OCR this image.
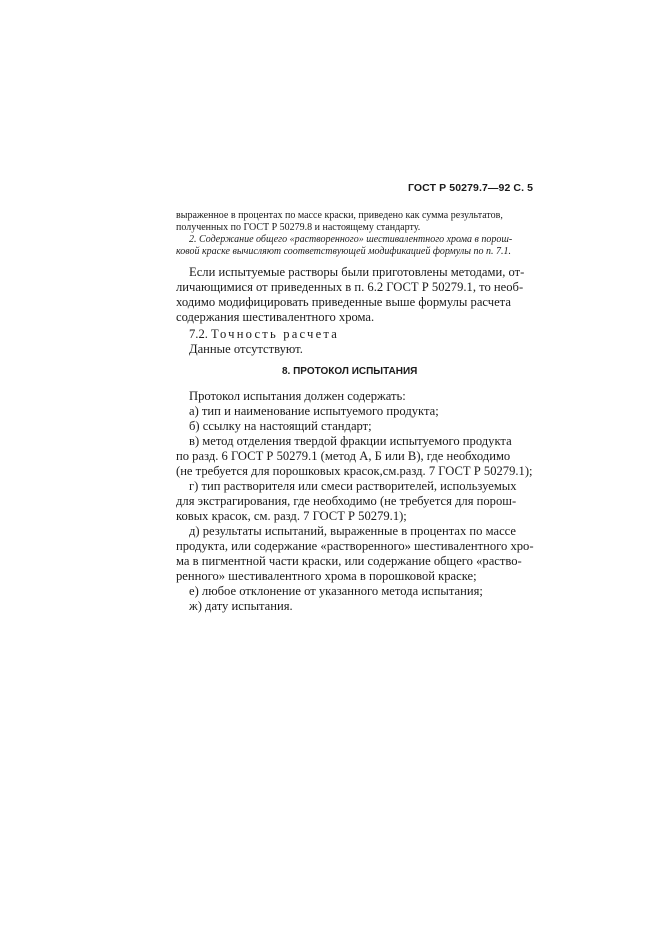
ГОСТ Р 50279.7—92 С. 5
выраженное в процентах по массе краски, приведено как сумма результатов,
полученных по ГОСТ Р 50279.8 и настоящему стандарту.
2. Содержание общего «растворенного» шестивалентного хрома в порош-
ковой краске вычисляют соответствующей модификацией формулы по п. 7.1.
Если испытуемые растворы были приготовлены методами, от-
личающимися от приведенных в п. 6.2 ГОСТ Р 50279.1, то необ-
ходимо модифицировать приведенные выше формулы расчета
содержания шестивалентного хрома.
7.2. Точность расчета
Данные отсутствуют.
8. ПРОТОКОЛ ИСПЫТАНИЯ
Протокол испытания должен содержать:
а) тип и наименование испытуемого продукта;
б) ссылку на настоящий стандарт;
в) метод отделения твердой фракции испытуемого продукта
по разд. 6 ГОСТ Р 50279.1 (метод А, Б или В), где необходимо
(не требуется для порошковых красок,см.разд. 7 ГОСТ Р 50279.1);
г) тип растворителя или смеси растворителей, используемых
для экстрагирования, где необходимо (не требуется для порош-
ковых красок, см. разд. 7 ГОСТ Р 50279.1);
д) результаты испытаний, выраженные в процентах по массе
продукта, или содержание «растворенного» шестивалентного хро-
ма в пигментной части краски, или содержание общего «раство-
ренного» шестивалентного хрома в порошковой краске;
е) любое отклонение от указанного метода испытания;
ж) дату испытания.
